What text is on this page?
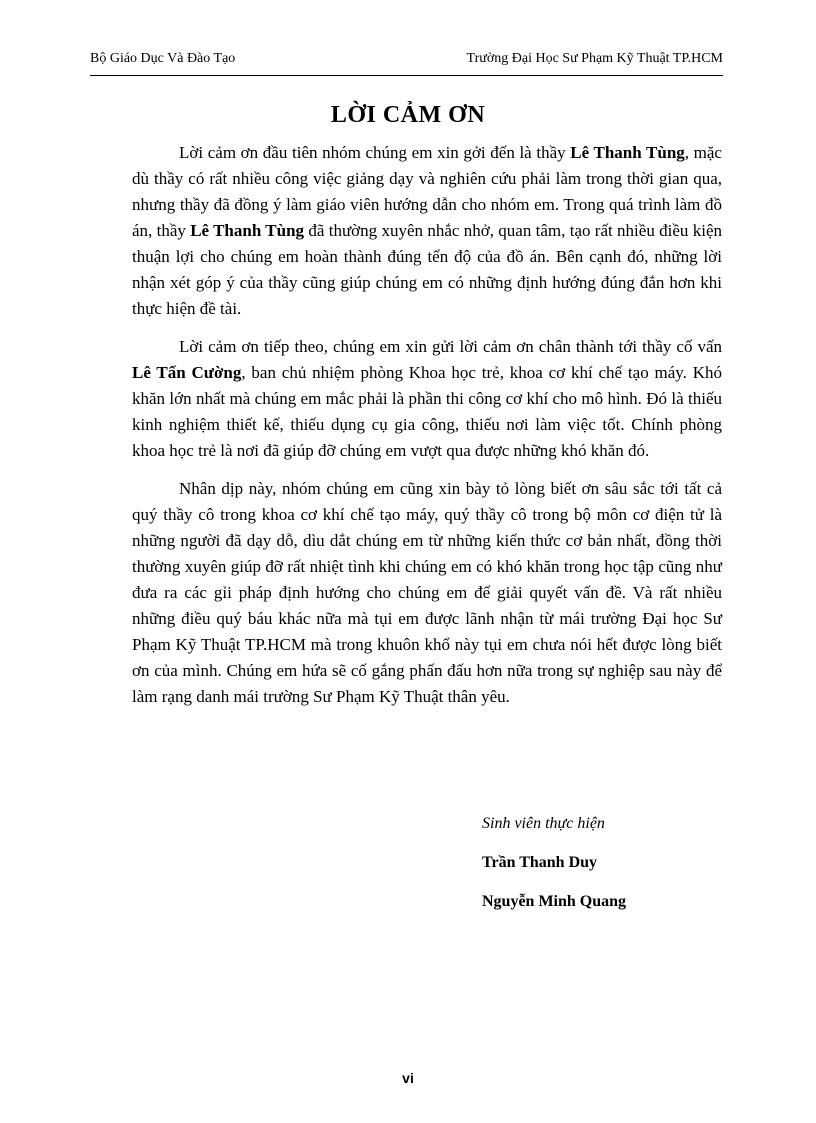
Bộ Giáo Dục Và Đào Tạo	Trường Đại Học Sư Phạm Kỹ Thuật TP.HCM
LỜI CẢM ƠN

Lời cảm ơn đầu tiên nhóm chúng em xin gởi đến là thầy Lê Thanh Tùng, mặc dù thầy có rất nhiều công việc giảng dạy và nghiên cứu phải làm trong thời gian qua, nhưng thầy đã đồng ý làm giáo viên hướng dẫn cho nhóm em. Trong quá trình làm đồ án, thầy Lê Thanh Tùng đã thường xuyên nhắc nhở, quan tâm, tạo rất nhiều điều kiện thuận lợi cho chúng em hoàn thành đúng tến độ của đồ án. Bên cạnh đó, những lời nhận xét góp ý của thầy cũng giúp chúng em có những định hướng đúng đắn hơn khi thực hiện đề tài.

Lời cảm ơn tiếp theo, chúng em xin gửi lời cảm ơn chân thành tới thầy cố vấn Lê Tấn Cường, ban chủ nhiệm phòng Khoa học trẻ, khoa cơ khí chế tạo máy. Khó khăn lớn nhất mà chúng em mắc phải là phần thi công cơ khí cho mô hình. Đó là thiếu kinh nghiệm thiết kế, thiếu dụng cụ gia công, thiếu nơi làm việc tốt. Chính phòng khoa học trẻ là nơi đã giúp đỡ chúng em vượt qua được những khó khăn đó.

Nhân dịp này, nhóm chúng em cũng xin bày tỏ lòng biết ơn sâu sắc tới tất cả quý thầy cô trong khoa cơ khí chế tạo máy, quý thầy cô trong bộ môn cơ điện tử là những người đã dạy dỗ, dìu dắt chúng em từ những kiến thức cơ bản nhất, đồng thời thường xuyên giúp đỡ rất nhiệt tình khi chúng em có khó khăn trong học tập cũng như đưa ra các gỉi pháp định hướng cho chúng em để giải quyết vấn đề. Và rất nhiều những điều quý báu khác nữa mà tụi em được lãnh nhận từ mái trường Đại học Sư Phạm Kỹ Thuật TP.HCM mà trong khuôn khổ này tụi em chưa nói hết được lòng biết ơn của mình. Chúng em hứa sẽ cố gắng phấn đấu hơn nữa trong sự nghiệp sau này để làm rạng danh mái trường Sư Phạm Kỹ Thuật thân yêu.

Sinh viên thực hiện
Trần Thanh Duy
Nguyễn Minh Quang
vi
